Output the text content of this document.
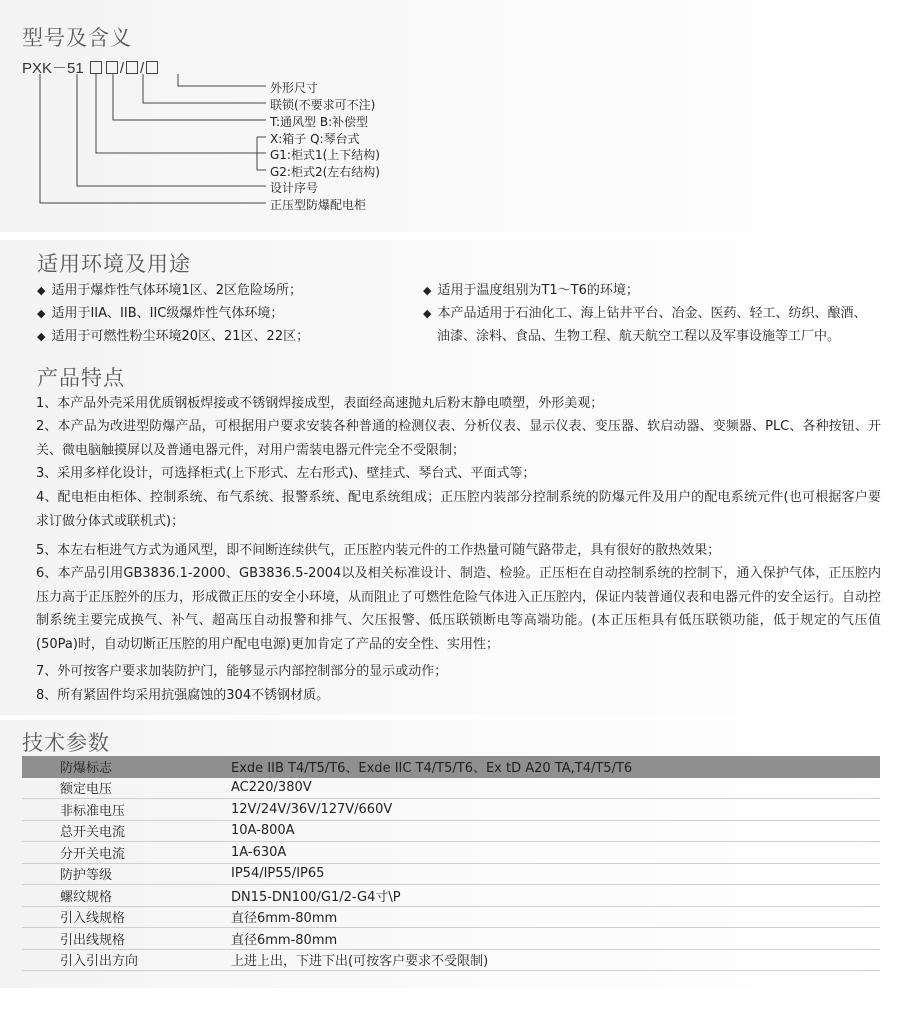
型号及含义
PXK－51 / /
外形尺寸
联锁(不要求可不注)
T:通风型 B:补偿型
X:箱子 Q:琴台式
G1:柜式1(上下结构)
G2:柜式2(左右结构)
设计序号
正压型防爆配电柜
适用环境及用途
◆ 适用于爆炸性气体环境1区、2区危险场所；
◆ 适用于IIA、IIB、IIC级爆炸性气体环境；
◆ 适用于可燃性粉尘环境20区、21区、22区；
◆ 适用于温度组别为T1～T6的环境；
◆ 本产品适用于石油化工、海上钻井平台、冶金、医药、轻工、纺织、酿酒、
油漆、涂料、食品、生物工程、航天航空工程以及军事设施等工厂中。
产品特点
1、本产品外壳采用优质钢板焊接或不锈钢焊接成型，表面经高速抛丸后粉末静电喷塑，外形美观；
2、本产品为改进型防爆产品，可根据用户要求安装各种普通的检测仪表、分析仪表、显示仪表、变压器、软启动器、变频器、PLC、各种按钮、开关、微电脑触摸屏以及普通电器元件，对用户需装电器元件完全不受限制；
3、采用多样化设计，可选择柜式(上下形式、左右形式)、壁挂式、琴台式、平面式等；
4、配电柜由柜体、控制系统、布气系统、报警系统、配电系统组成；正压腔内装部分控制系统的防爆元件及用户的配电系统元件(也可根据客户要求订做分体式或联机式)；
5、本左右柜进气方式为通风型，即不间断连续供气，正压腔内装元件的工作热量可随气路带走，具有很好的散热效果；
6、本产品引用GB3836.1-2000、GB3836.5-2004以及相关标准设计、制造、检验。正压柜在自动控制系统的控制下，通入保护气体，正压腔内压力高于正压腔外的压力，形成微正压的安全小环境，从而阻止了可燃性危险气体进入正压腔内，保证内装普通仪表和电器元件的安全运行。自动控制系统主要完成换气、补气、超高压自动报警和排气、欠压报警、低压联锁断电等高端功能。(本正压柜具有低压联锁功能，低于规定的气压值(50Pa)时，自动切断正压腔的用户配电电源)更加肯定了产品的安全性、实用性；
7、外可按客户要求加装防护门，能够显示内部控制部分的显示或动作；
8、所有紧固件均采用抗强腐蚀的304不锈钢材质。
技术参数
防爆标志	Exde IIB T4/T5/T6、Exde IIC T4/T5/T6、Ex tD A20 TA,T4/T5/T6
额定电压	AC220/380V
非标准电压	12V/24V/36V/127V/660V
总开关电流	10A-800A
分开关电流	1A-630A
防护等级	IP54/IP55/IP65
螺纹规格	DN15-DN100/G1/2-G4寸\P
引入线规格	直径6mm-80mm
引出线规格	直径6mm-80mm
引入引出方向	上进上出，下进下出(可按客户要求不受限制)
